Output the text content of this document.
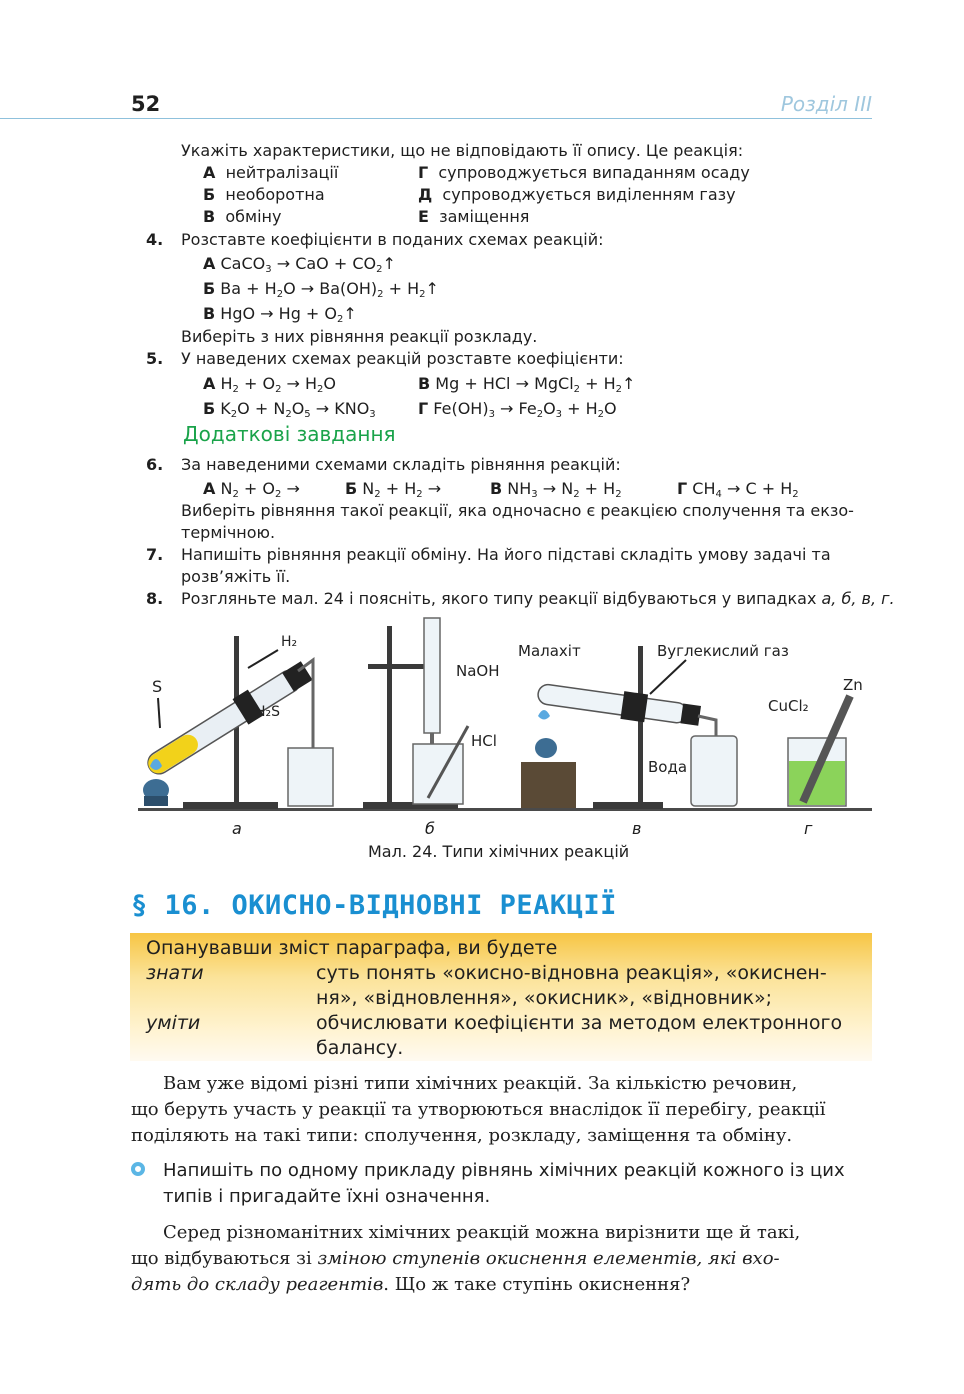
52	Розділ III
Укажіть характеристики, що не відповідають її опису. Це реакція:
А нейтралізації
Б необоротна
В обміну
Г супроводжується випаданням осаду
Д супроводжується виділенням газу
Е заміщення
4. Розставте коефіцієнти в поданих схемах реакцій:
А CaCO$_3$ → CaO + $CO_2↑$
Б $Ba + H_2O \to Ba(OH)_2$ + $H_2↑$
В HgO → $Hg + O_2↑$
Виберіть з них рівняння реакції розкладу.
5. У наведених схемах реакцій розставте коефіцієнти:
А $H_2 + O_2 \to H_2O$	В Mg + HCl → MgCl$_2$ + $H_2↑$
Б $K_2O + N_2O_5 \to KNO_3$	Г $Fe(OH)_3 \to Fe_2O_3 + H_2O$
Додаткові завдання
6. За наведеними схемами складіть рівняння реакцій:
А $N_2 + O_2$ →	Б $N_2 + H_2$ →	В $NH_3 \to N_2 + H_2$	Г $CH_4 \to C + H_2$
Виберіть рівняння такої реакції, яка одночасно є реакцією сполучення та екзо-
термічною.
7. Напишіть рівняння реакції обміну. На його підставі складіть умову задачі та
розв’яжіть її.
8. Розгляньте мал. 24 і поясніть, якого типу реакції відбуваються у випадках а, б, в, г.
H₂
S
H₂S
NaOH
HCl
Малахіт	Вуглекислий газ
Вода
Zn
CuCl₂
а	б	в	г
Мал. 24. Типи хімічних реакцій
§ 16. ОКИСНО-ВІДНОВНІ РЕАКЦІЇ
Опанувавши зміст параграфа, ви будете
знати	суть понять «окисно-відновна реакція», «окиснен-
ня», «відновлення», «окисник», «відновник»;
уміти	обчислювати коефіцієнти за методом електронного
балансу.
Вам уже відомі різні типи хімічних реакцій. За кількістю речовин,
що беруть участь у реакції та утворюються внаслідок її перебігу, реакції
поділяють на такі типи: сполучення, розкладу, заміщення та обміну.
Напишіть по одному прикладу рівнянь хімічних реакцій кожного із цих
типів і пригадайте їхні означення.
Серед різноманітних хімічних реакцій можна вирізнити ще й такі,
що відбуваються зі зміною ступенів окиснення елементів, які вхо-
дять до складу реагентів. Що ж таке ступінь окиснення?
